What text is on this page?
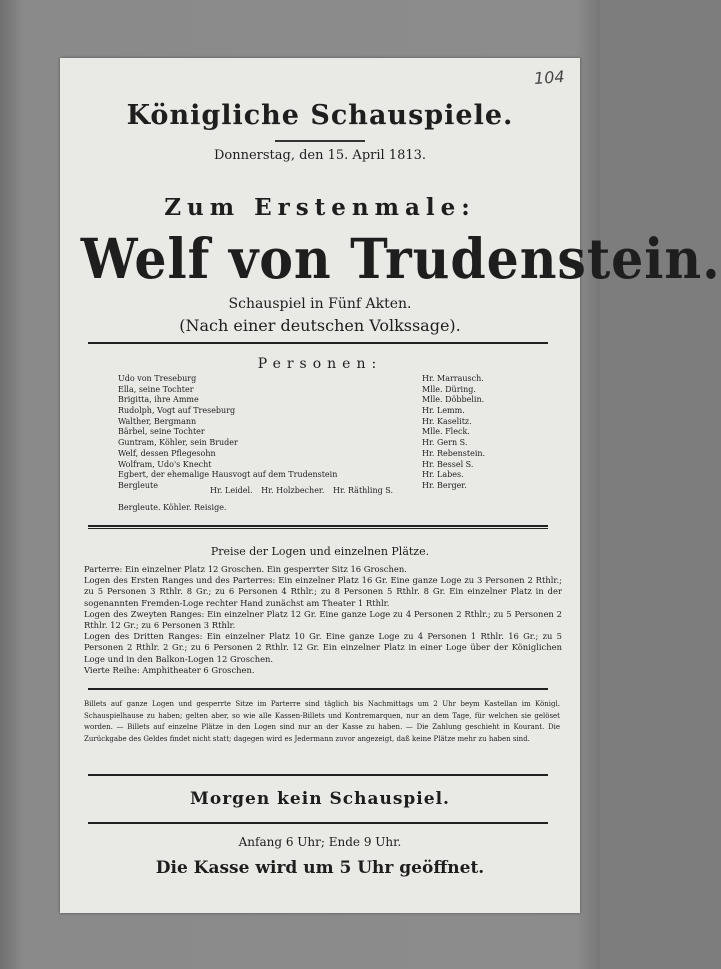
104
Königliche Schauspiele.
Donnerstag, den 15. April 1813.
Zum Erstenmale:
Welf von Trudenstein.
Schauspiel in Fünf Akten.
(Nach einer deutschen Volkssage).
Personen:
Udo von Treseburg	Hr. Marrausch.
Ella, seine Tochter	Mlle. Düring.
Brigitta, ihre Amme	Mlle. Döbbelin.
Rudolph, Vogt auf Treseburg	Hr. Lemm.
Walther, Bergmann	Hr. Kaselitz.
Bärbel, seine Tochter	Mlle. Fleck.
Guntram, Köhler, sein Bruder	Hr. Gern S.
Welf, dessen Pflegesohn	Hr. Rebenstein.
Wolfram, Udo's Knecht	Hr. Bessel S.
Egbert, der ehemalige Hausvogt auf dem Trudenstein	Hr. Labes.
Bergleute	Hr. Berger.
Hr. Leidel. Hr. Holzbecher. Hr. Räthling S.
Bergleute. Köhler. Reisige.
Preise der Logen und einzelnen Plätze.

Parterre: Ein einzelner Platz 12 Groschen. Ein gesperrter Sitz 16 Groschen.

Logen des Ersten Ranges und des Parterres: Ein einzelner Platz 16 Gr. Eine ganze Loge zu 3 Personen 2 Rthlr.; zu 5 Personen 3 Rthlr. 8 Gr.; zu 6 Personen 4 Rthlr.; zu 8 Personen 5 Rthlr. 8 Gr. Ein einzelner Platz in der sogenannten Fremden-Loge rechter Hand zunächst am Theater 1 Rthlr.

Logen des Zweyten Ranges: Ein einzelner Platz 12 Gr. Eine ganze Loge zu 4 Personen 2 Rthlr.; zu 5 Personen 2 Rthlr. 12 Gr.; zu 6 Personen 3 Rthlr.

Logen des Dritten Ranges: Ein einzelner Platz 10 Gr. Eine ganze Loge zu 4 Personen 1 Rthlr. 16 Gr.; zu 5 Personen 2 Rthlr. 2 Gr.; zu 6 Personen 2 Rthlr. 12 Gr. Ein einzelner Platz in einer Loge über der Königlichen Loge und in den Balkon-Logen 12 Groschen.

Vierte Reihe: Amphitheater 6 Groschen.

Billets auf ganze Logen und gesperrte Sitze im Parterre sind täglich bis Nachmittags um 2 Uhr beym Kastellan im Königl. Schauspielhause zu haben; gelten aber, so wie alle Kassen-Billets und Kontremarquen, nur an dem Tage, für welchen sie gelöset worden. — Billets auf einzelne Plätze in den Logen sind nur an der Kasse zu haben. — Die Zahlung geschieht in Kourant. Die Zurückgabe des Geldes findet nicht statt; dagegen wird es Jedermann zuvor angezeigt, daß keine Plätze mehr zu haben sind.
Morgen kein Schauspiel.
Anfang 6 Uhr; Ende 9 Uhr.
Die Kasse wird um 5 Uhr geöffnet.
